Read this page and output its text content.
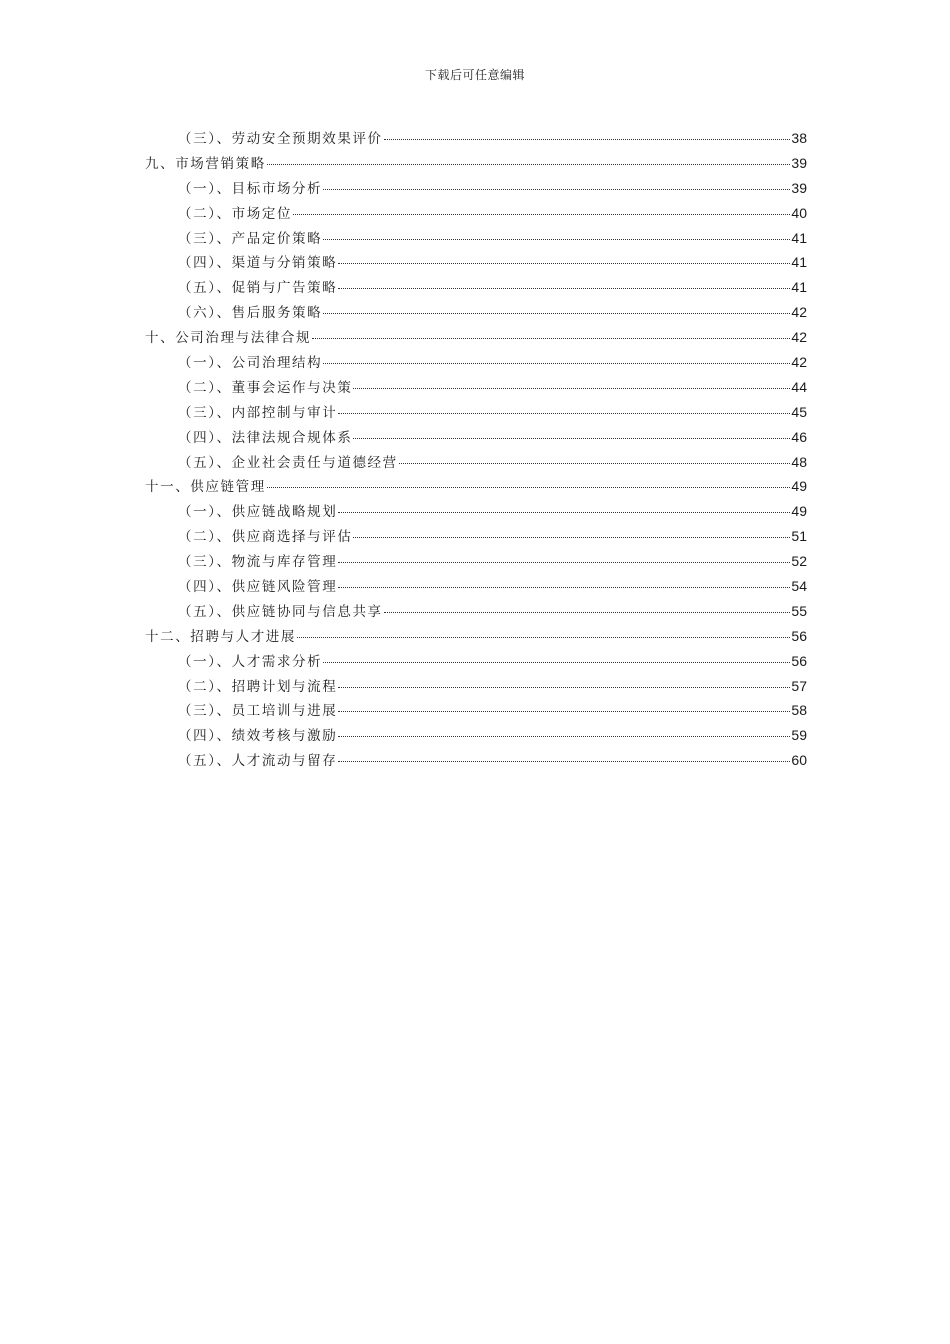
下载后可任意编辑
（三）、劳动安全预期效果评价	38
九、市场营销策略	39
（一）、目标市场分析	39
（二）、市场定位	40
（三）、产品定价策略	41
（四）、渠道与分销策略	41
（五）、促销与广告策略	41
（六）、售后服务策略	42
十、公司治理与法律合规	42
（一）、公司治理结构	42
（二）、董事会运作与决策	44
（三）、内部控制与审计	45
（四）、法律法规合规体系	46
（五）、企业社会责任与道德经营	48
十一、供应链管理	49
（一）、供应链战略规划	49
（二）、供应商选择与评估	51
（三）、物流与库存管理	52
（四）、供应链风险管理	54
（五）、供应链协同与信息共享	55
十二、招聘与人才进展	56
（一）、人才需求分析	56
（二）、招聘计划与流程	57
（三）、员工培训与进展	58
（四）、绩效考核与激励	59
（五）、人才流动与留存	60
